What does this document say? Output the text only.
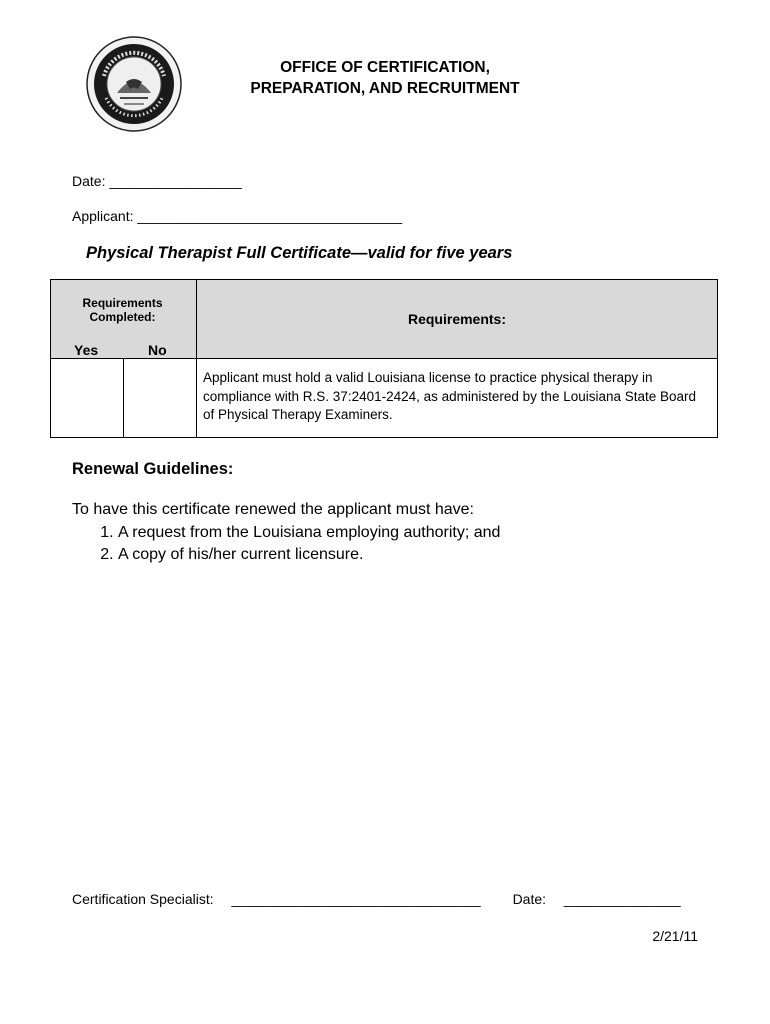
OFFICE OF CERTIFICATION,
PREPARATION, AND RECRUITMENT
Date: _________________
Applicant: __________________________________
Physical Therapist Full Certificate—valid for five years
Requirements Completed:
Yes No		Requirements:
		Applicant must hold a valid Louisiana license to practice physical therapy in compliance with R.S. 37:2401-2424, as administered by the Louisiana State Board of Physical Therapy Examiners.
Renewal Guidelines:
To have this certificate renewed the applicant must have:
1. A request from the Louisiana employing authority; and
2. A copy of his/her current licensure.
Certification Specialist: ________________________________ Date: _______________
2/21/11
